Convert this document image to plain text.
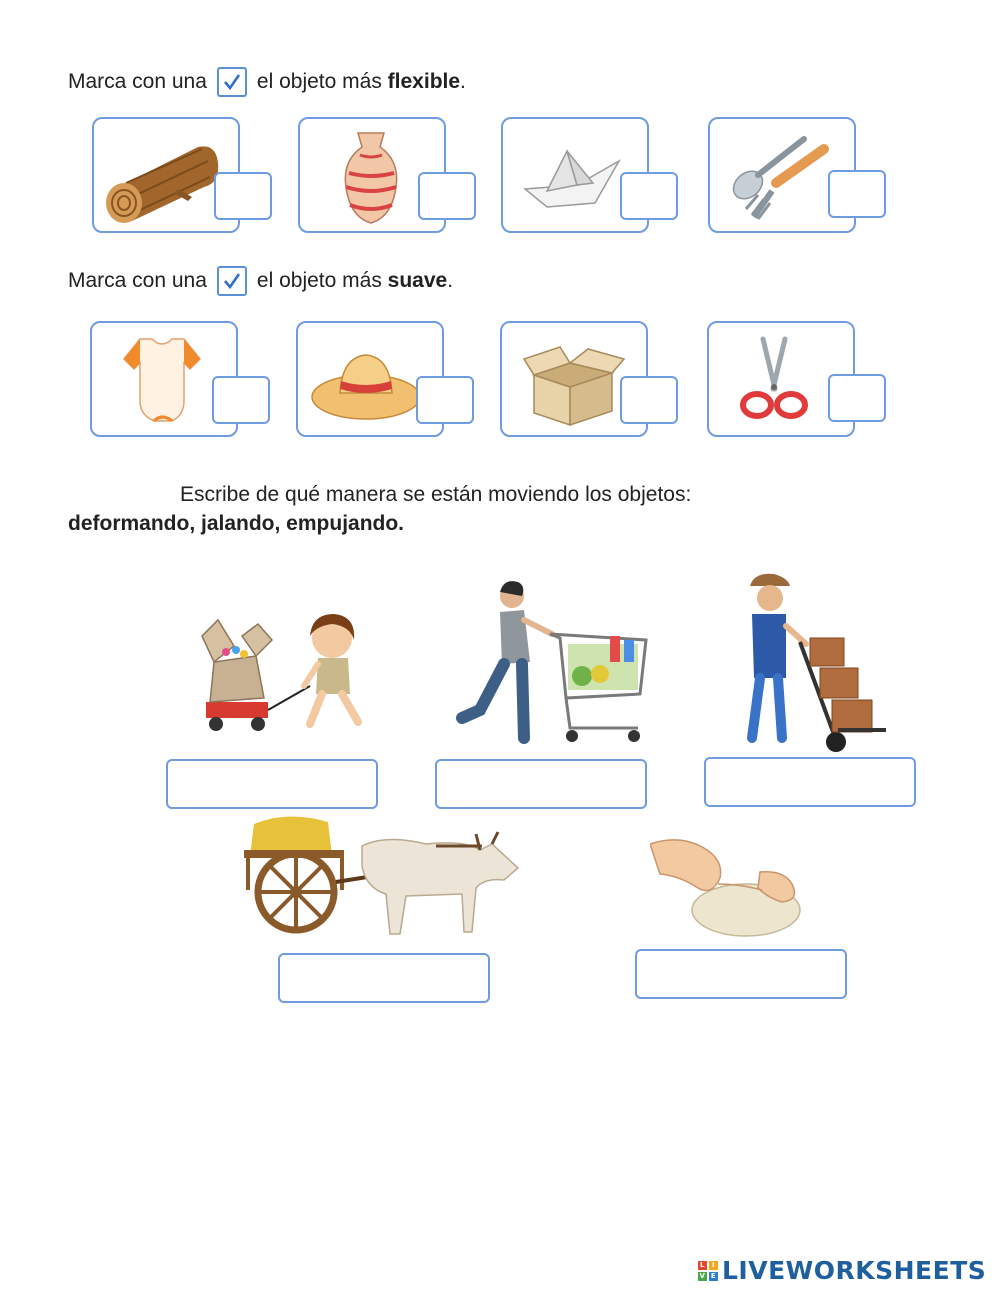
Marca con una el objeto más
flexible .
Marca con una el objeto más
suave .
Escribe de qué manera se están moviendo los objetos:
deformando, jalando, empujando.
L I
V E LIVEWORKSHEETS
